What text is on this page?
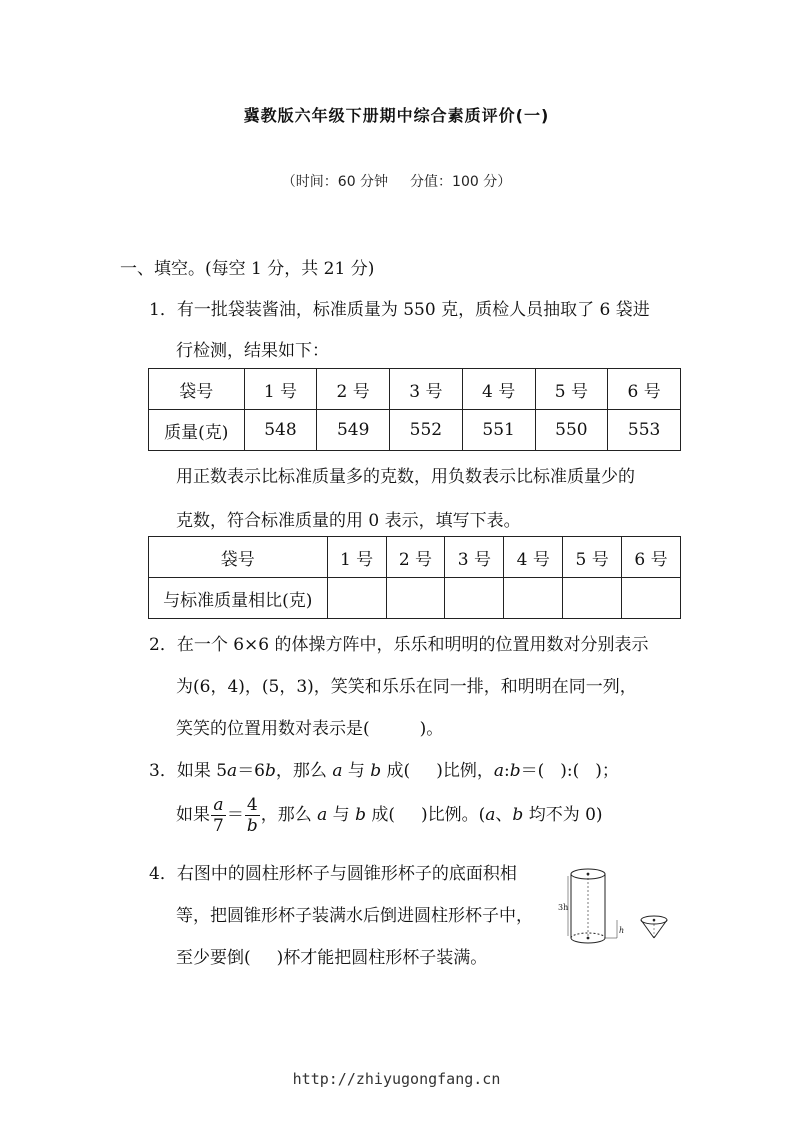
冀教版六年级下册期中综合素质评价(一)
（时间：60 分钟 分值：100 分）
一、填空。(每空 1 分，共 21 分)
1．有一批袋装酱油，标准质量为 550 克，质检人员抽取了 6 袋进
行检测，结果如下：
袋号	1 号	2 号	3 号	4 号	5 号	6 号
质量(克)	548	549	552	551	550	553
用正数表示比标准质量多的克数，用负数表示比标准质量少的
克数，符合标准质量的用 0 表示，填写下表。
袋号	1 号	2 号	3 号	4 号	5 号	6 号
与标准质量相比(克)						
2．在一个 6×6 的体操方阵中，乐乐和明明的位置用数对分别表示
为(6，4)，(5，3)，笑笑和乐乐在同一排，和明明在同一列，
笑笑的位置用数对表示是(	)。
3．如果 5a＝6b，那么 a 与 b 成( )比例，a:b＝( ):( )；
如果 $\frac{a}{7} = \frac{4}{b}$ ，那么 a 与 b 成( )比例。(a、b 均不为 0)
4．右图中的圆柱形杯子与圆锥形杯子的底面积相
等，把圆锥形杯子装满水后倒进圆柱形杯子中，
至少要倒( )杯才能把圆柱形杯子装满。
3h
h
http://zhiyugongfang.cn
